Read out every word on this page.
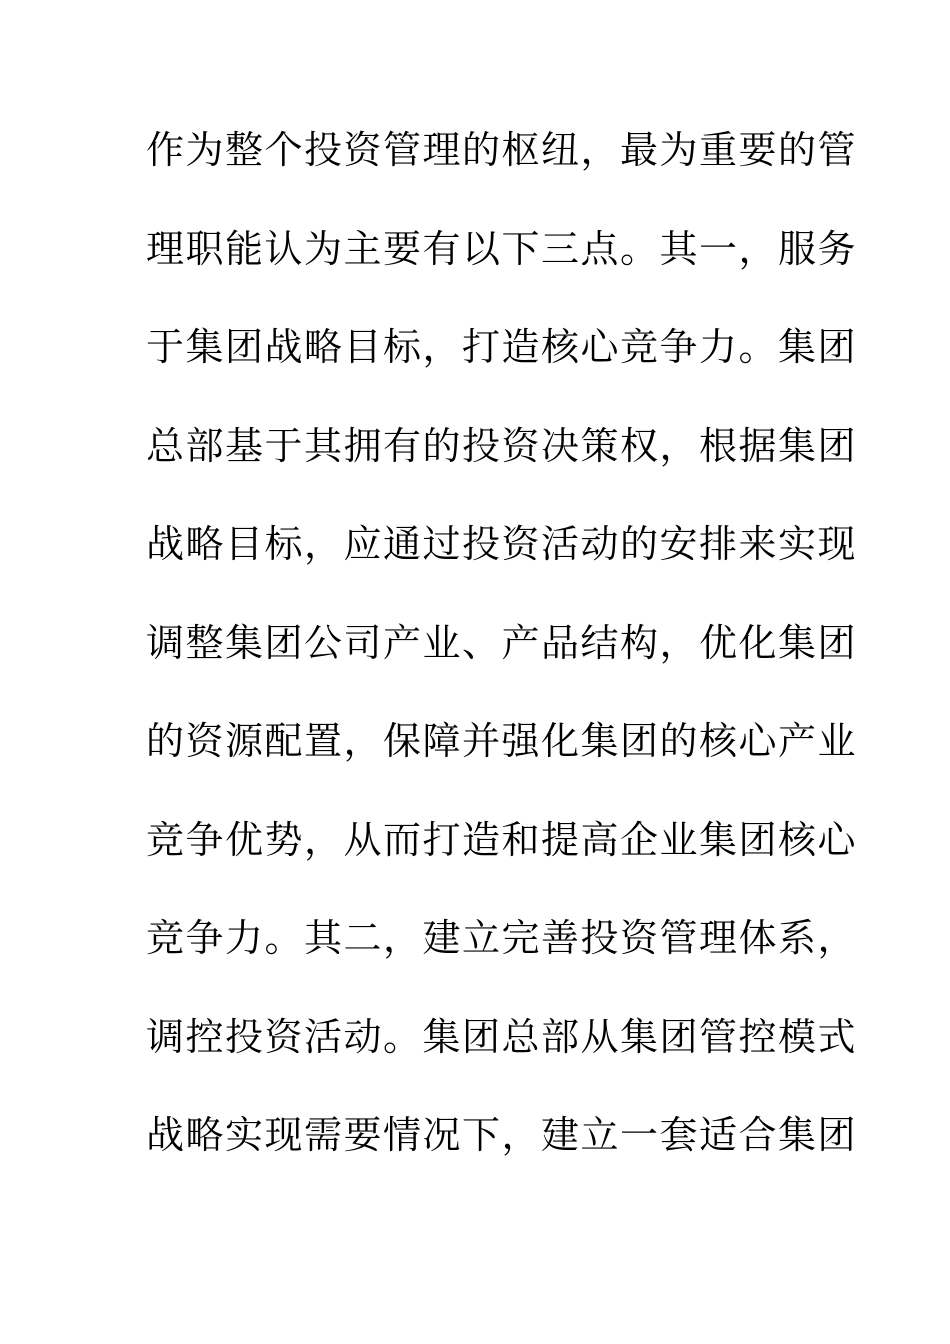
作为整个投资管理的枢纽，最为重要的管
理职能认为主要有以下三点。其一，服务
于集团战略目标，打造核心竞争力。集团
总部基于其拥有的投资决策权，根据集团
战略目标，应通过投资活动的安排来实现
调整集团公司产业、产品结构，优化集团
的资源配置，保障并强化集团的核心产业
竞争优势，从而打造和提高企业集团核心
竞争力。其二，建立完善投资管理体系，
调控投资活动。集团总部从集团管控模式
战略实现需要情况下，建立一套适合集团
